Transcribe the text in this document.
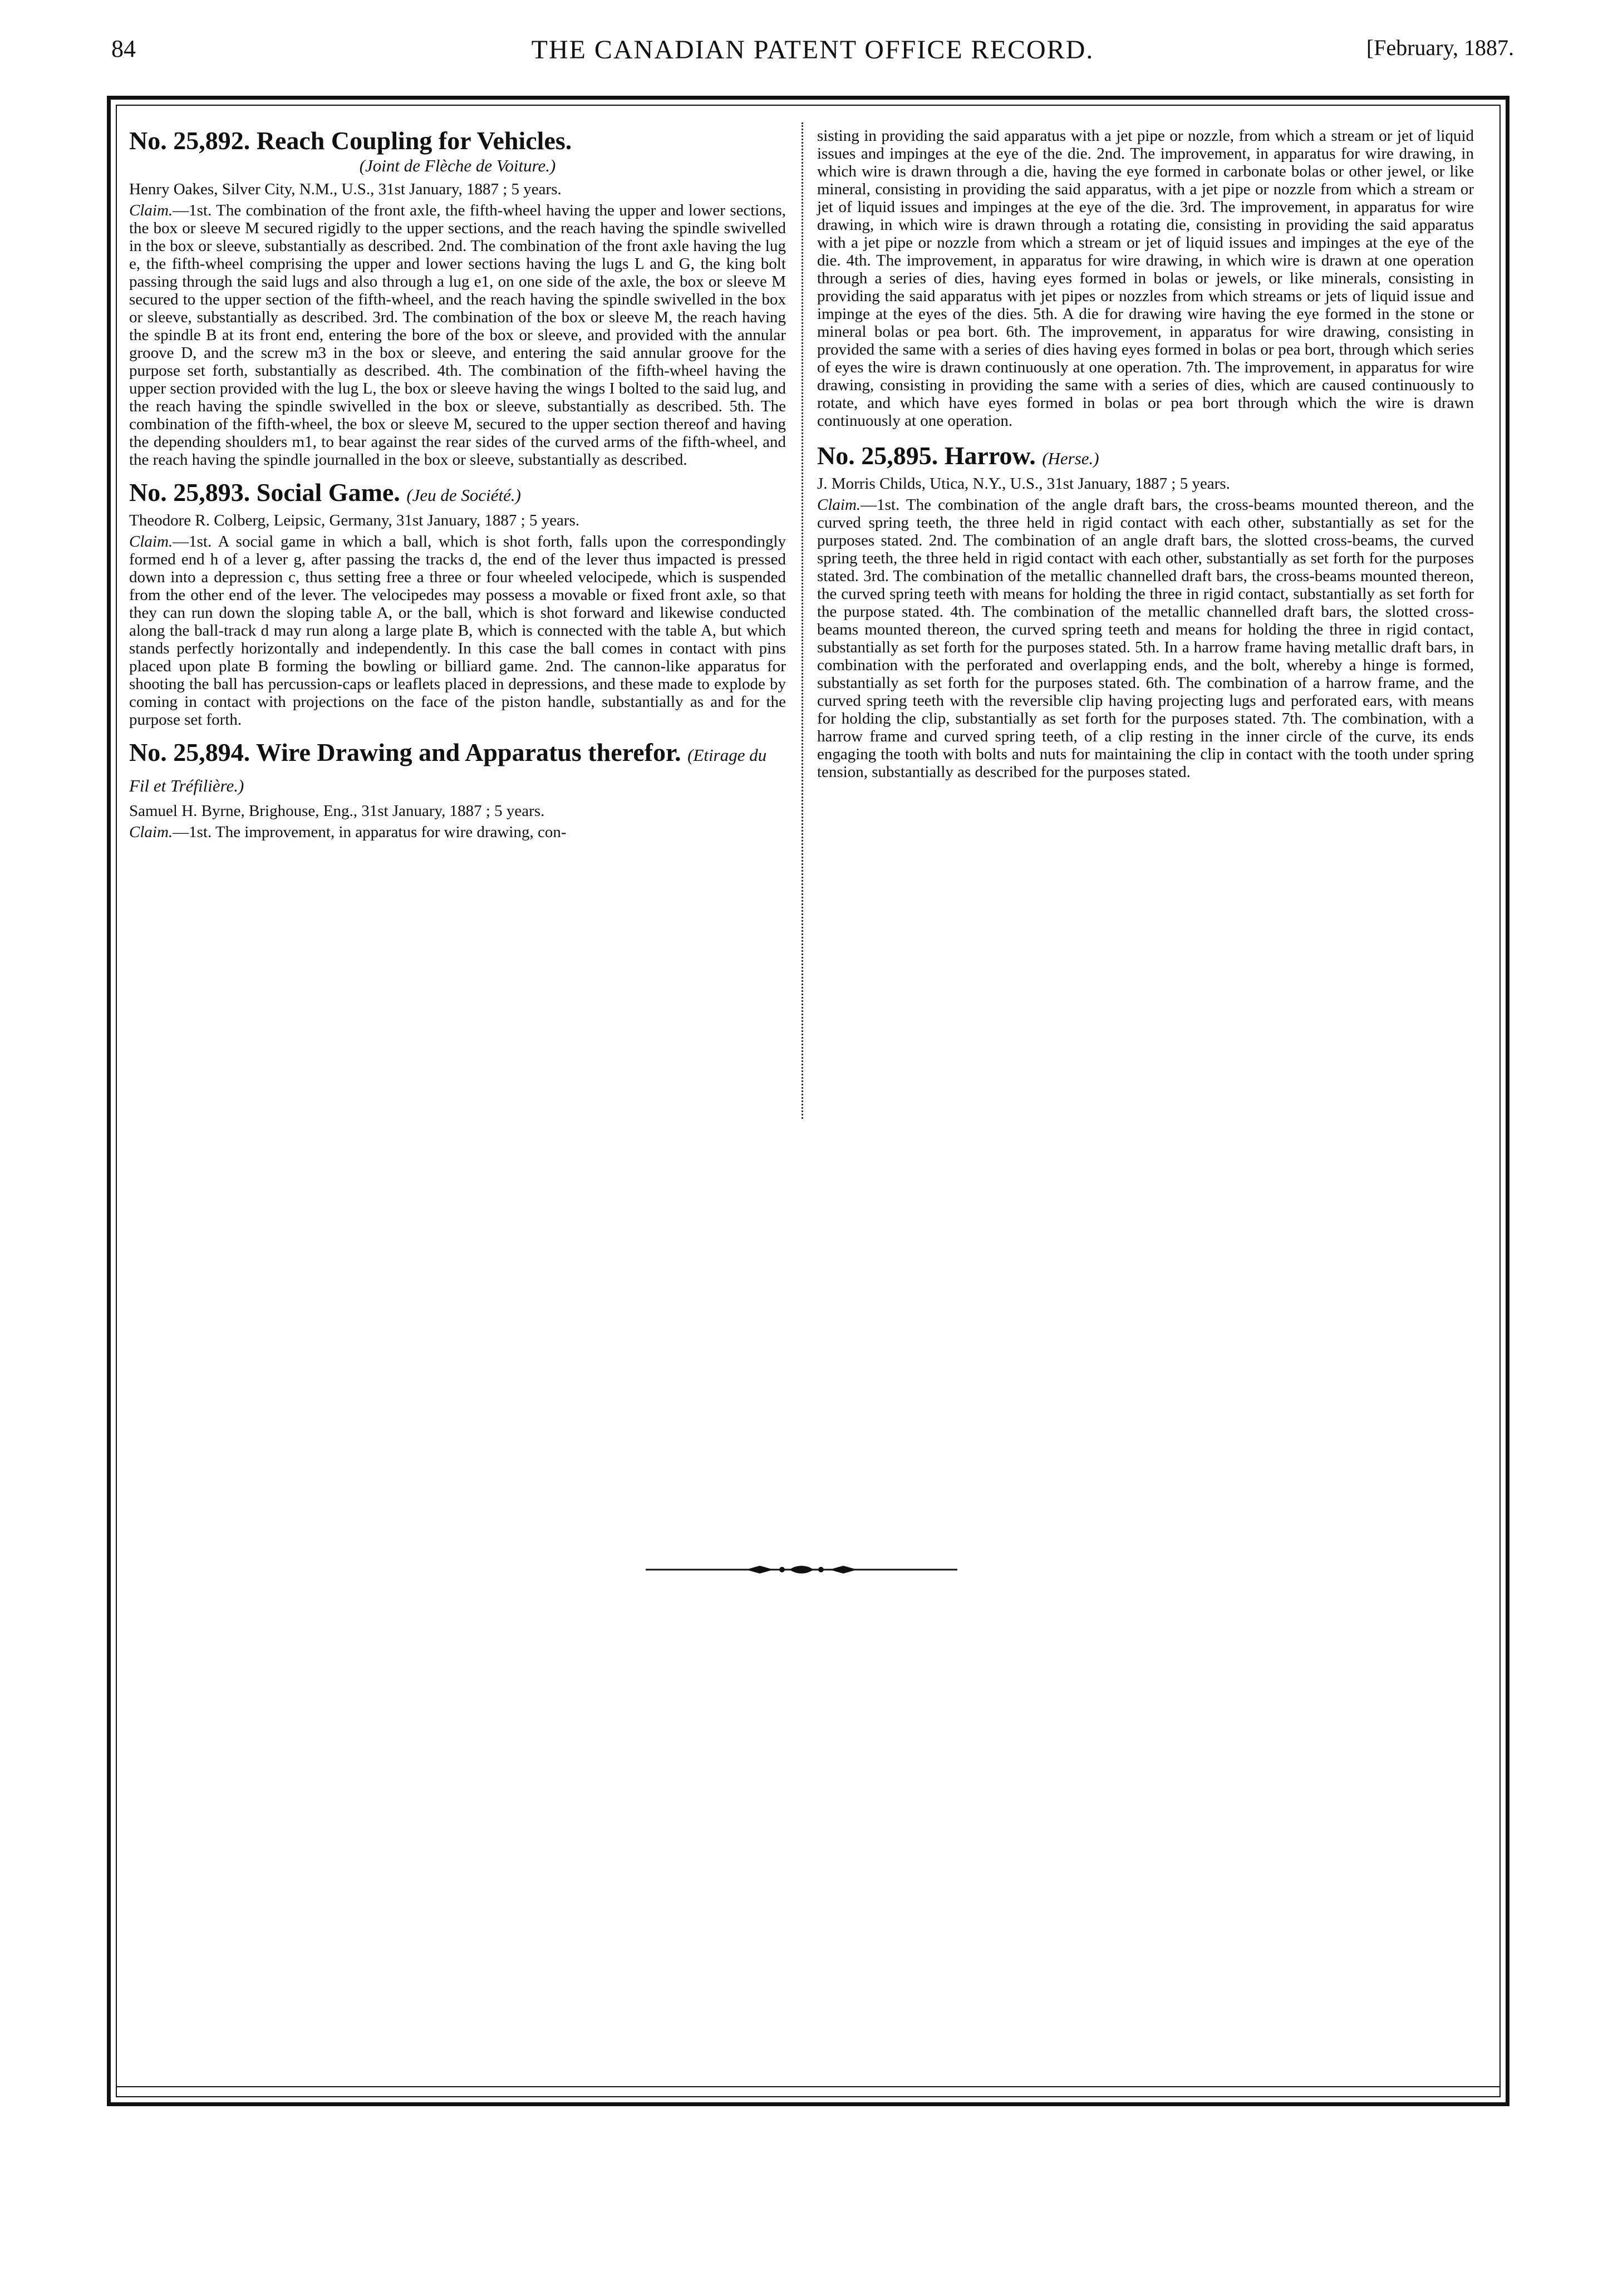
84	THE CANADIAN PATENT OFFICE RECORD.	[February, 1887.
No. 25,892. Reach Coupling for Vehicles.
(Joint de Flèche de Voiture.)
Henry Oakes, Silver City, N.M., U.S., 31st January, 1887 ; 5 years.
Claim.—1st. The combination of the front axle, the fifth-wheel having the upper and lower sections, the box or sleeve M secured rigidly to the upper sections, and the reach having the spindle swivelled in the box or sleeve, substantially as described. 2nd. The combination of the front axle having the lug e, the fifth-wheel comprising the upper and lower sections having the lugs L and G, the king bolt passing through the said lugs and also through a lug e1, on one side of the axle, the box or sleeve M secured to the upper section of the fifth-wheel, and the reach having the spindle swivelled in the box or sleeve, substantially as described. 3rd. The combination of the box or sleeve M, the reach having the spindle B at its front end, entering the bore of the box or sleeve, and provided with the annular groove D, and the screw m3 in the box or sleeve, and entering the said annular groove for the purpose set forth, substantially as described. 4th. The combination of the fifth-wheel having the upper section provided with the lug L, the box or sleeve having the wings I bolted to the said lug, and the reach having the spindle swivelled in the box or sleeve, substantially as described. 5th. The combination of the fifth-wheel, the box or sleeve M, secured to the upper section thereof and having the depending shoulders m1, to bear against the rear sides of the curved arms of the fifth-wheel, and the reach having the spindle journalled in the box or sleeve, substantially as described.
No. 25,893. Social Game. (Jeu de Société.)
Theodore R. Colberg, Leipsic, Germany, 31st January, 1887 ; 5 years.
Claim.—1st. A social game in which a ball, which is shot forth, falls upon the correspondingly formed end h of a lever g, after passing the tracks d, the end of the lever thus impacted is pressed down into a depression c, thus setting free a three or four wheeled velocipede, which is suspended from the other end of the lever. The velocipedes may possess a movable or fixed front axle, so that they can run down the sloping table A, or the ball, which is shot forward and likewise conducted along the ball-track d may run along a large plate B, which is connected with the table A, but which stands perfectly horizontally and independently. In this case the ball comes in contact with pins placed upon plate B forming the bowling or billiard game. 2nd. The cannon-like apparatus for shooting the ball has percussion-caps or leaflets placed in depressions, and these made to explode by coming in contact with projections on the face of the piston handle, substantially as and for the purpose set forth.
No. 25,894. Wire Drawing and Apparatus therefor. (Etirage du Fil et Tréfilière.)
Samuel H. Byrne, Brighouse, Eng., 31st January, 1887 ; 5 years.
Claim.—1st. The improvement, in apparatus for wire drawing, con-
sisting in providing the said apparatus with a jet pipe or nozzle, from which a stream or jet of liquid issues and impinges at the eye of the die. 2nd. The improvement, in apparatus for wire drawing, in which wire is drawn through a die, having the eye formed in carbonate bolas or other jewel, or like mineral, consisting in providing the said apparatus, with a jet pipe or nozzle from which a stream or jet of liquid issues and impinges at the eye of the die. 3rd. The improvement, in apparatus for wire drawing, in which wire is drawn through a rotating die, consisting in providing the said apparatus with a jet pipe or nozzle from which a stream or jet of liquid issues and impinges at the eye of the die. 4th. The improvement, in apparatus for wire drawing, in which wire is drawn at one operation through a series of dies, having eyes formed in bolas or jewels, or like minerals, consisting in providing the said apparatus with jet pipes or nozzles from which streams or jets of liquid issue and impinge at the eyes of the dies. 5th. A die for drawing wire having the eye formed in the stone or mineral bolas or pea bort. 6th. The improvement, in apparatus for wire drawing, consisting in provided the same with a series of dies having eyes formed in bolas or pea bort, through which series of eyes the wire is drawn continuously at one operation. 7th. The improvement, in apparatus for wire drawing, consisting in providing the same with a series of dies, which are caused continuously to rotate, and which have eyes formed in bolas or pea bort through which the wire is drawn continuously at one operation.
No. 25,895. Harrow. (Herse.)
J. Morris Childs, Utica, N.Y., U.S., 31st January, 1887 ; 5 years.
Claim.—1st. The combination of the angle draft bars, the cross-beams mounted thereon, and the curved spring teeth, the three held in rigid contact with each other, substantially as set for the purposes stated. 2nd. The combination of an angle draft bars, the slotted cross-beams, the curved spring teeth, the three held in rigid contact with each other, substantially as set forth for the purposes stated. 3rd. The combination of the metallic channelled draft bars, the cross-beams mounted thereon, the curved spring teeth with means for holding the three in rigid contact, substantially as set forth for the purpose stated. 4th. The combination of the metallic channelled draft bars, the slotted cross-beams mounted thereon, the curved spring teeth and means for holding the three in rigid contact, substantially as set forth for the purposes stated. 5th. In a harrow frame having metallic draft bars, in combination with the perforated and overlapping ends, and the bolt, whereby a hinge is formed, substantially as set forth for the purposes stated. 6th. The combination of a harrow frame, and the curved spring teeth with the reversible clip having projecting lugs and perforated ears, with means for holding the clip, substantially as set forth for the purposes stated. 7th. The combination, with a harrow frame and curved spring teeth, of a clip resting in the inner circle of the curve, its ends engaging the tooth with bolts and nuts for maintaining the clip in contact with the tooth under spring tension, substantially as described for the purposes stated.
